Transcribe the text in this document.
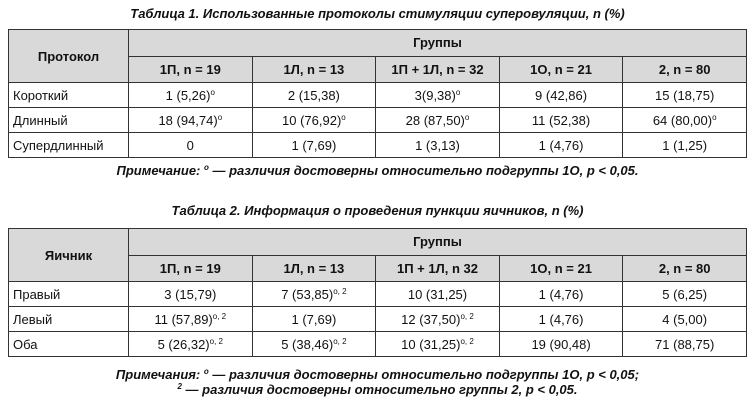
Таблица 1. Использованные протоколы стимуляции суперовуляции, n (%)
Протокол	Группы				
	1П, n = 19	1Л, n = 13	1П + 1Л, n = 32	1О, n = 21	2, n = 80
Короткий	1 $(5,26)^о$	2 (15,38)	$3(9,38)^о$	9 (42,86)	15 (18,75)
Длинный	18 $(94,74)^о$	10 $(76,92)^о$	28 $(87,50)^о$	11 (52,38)	64 $(80,00)^о$
Супердлинный	0	1 (7,69)	1 (3,13)	1 (4,76)	1 (1,25)
Примечание: $^о$ — различия достоверны относительно подгруппы 1О, p < 0,05.
Таблица 2. Информация о проведения пункции яичников, n (%)
Яичник	Группы				
	1П, n = 19	1Л, n = 13	1П + 1Л, n 32	1О, n = 21	2, n = 80
Правый	3 (15,79)	7 $(53,85)^{о, 2}$	10 (31,25)	1 (4,76)	5 (6,25)
Левый	11 $(57,89)^{о, 2}$	1 (7,69)	12 $(37,50)^{о, 2}$	1 (4,76)	4 (5,00)
Оба	5 $(26,32)^{о, 2}$	5 $(38,46)^{о, 2}$	10 $(31,25)^{о, 2}$	19 (90,48)	71 (88,75)
Примечания: $^о$ — различия достоверны относительно подгруппы 1О, p < 0,05;
$^2$ — различия достоверны относительно группы 2, p < 0,05.
